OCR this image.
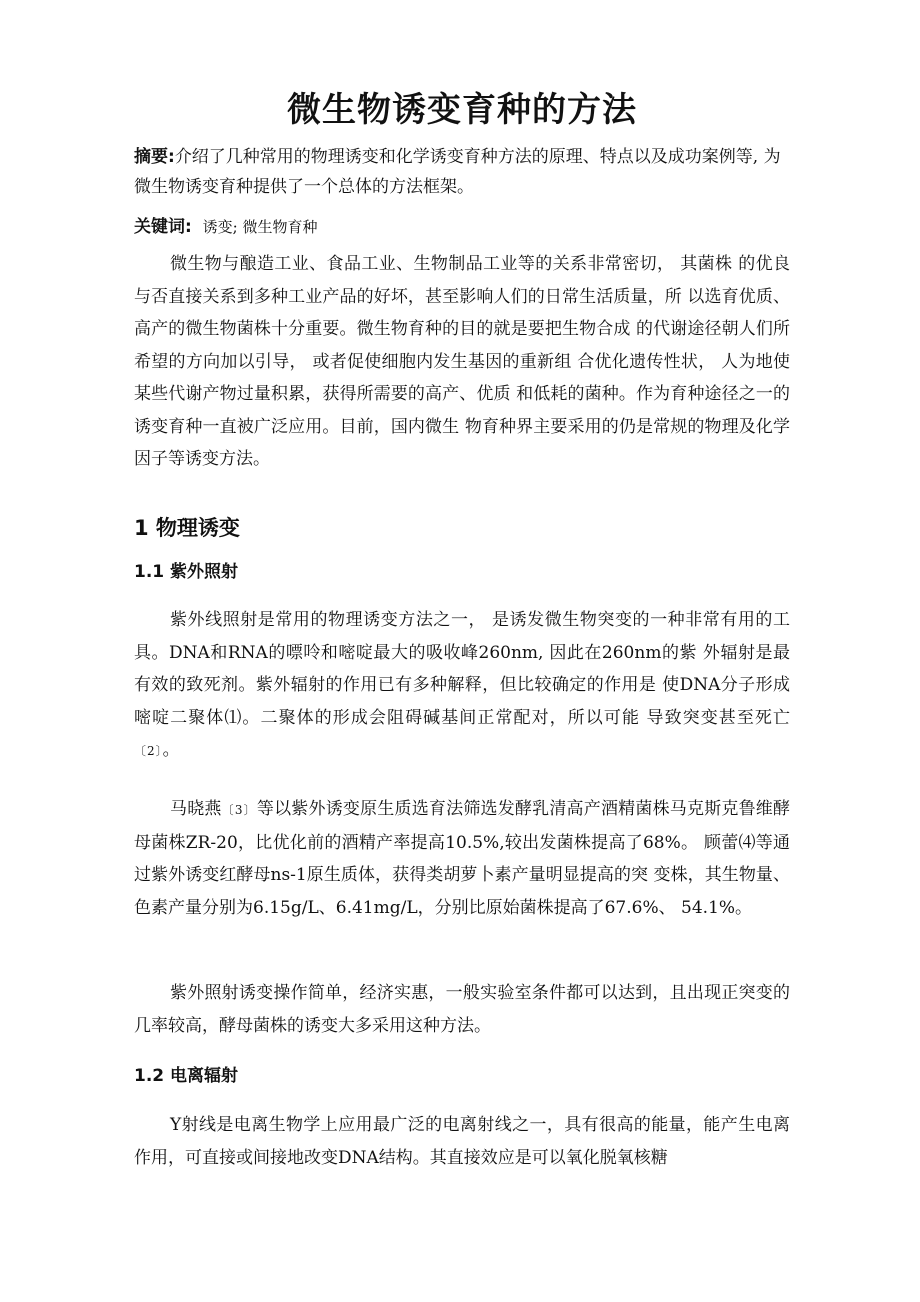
微生物诱变育种的方法
摘要:介绍了几种常用的物理诱变和化学诱变育种方法的原理、特点以及成功案例等, 为微生物诱变育种提供了一个总体的方法框架。
关键词: 诱变; 微生物育种
微生物与酿造工业、食品工业、生物制品工业等的关系非常密切， 其菌株 的优良与否直接关系到多种工业产品的好坏，甚至影响人们的日常生活质量，所 以选育优质、高产的微生物菌株十分重要。微生物育种的目的就是要把生物合成 的代谢途径朝人们所希望的方向加以引导， 或者促使细胞内发生基因的重新组 合优化遗传性状， 人为地使某些代谢产物过量积累，获得所需要的高产、优质 和低耗的菌种。作为育种途径之一的诱变育种一直被广泛应用。目前，国内微生 物育种界主要采用的仍是常规的物理及化学因子等诱变方法。
1 物理诱变
1.1 紫外照射
紫外线照射是常用的物理诱变方法之一， 是诱发微生物突变的一种非常有用的工具。DNA和RNA的嘌呤和嘧啶最大的吸收峰260nm, 因此在260nm的紫 外辐射是最有效的致死剂。紫外辐射的作用已有多种解释，但比较确定的作用是 使DNA分子形成嘧啶二聚体⑴。二聚体的形成会阻碍碱基间正常配对，所以可能 导致突变甚至死亡〔2〕。
马晓燕〔3〕等以紫外诱变原生质选育法筛选发酵乳清高产酒精菌株马克斯克鲁维酵母菌株ZR-20，比优化前的酒精产率提高10.5%,较出发菌株提高了68%。 顾蕾⑷等通过紫外诱变红酵母ns-1原生质体，获得类胡萝卜素产量明显提高的突 变株，其生物量、色素产量分别为6.15g/L、6.41mg/L，分别比原始菌株提高了67.6%、 54.1%。
紫外照射诱变操作简单，经济实惠，一般实验室条件都可以达到，且出现正突变的几率较高，酵母菌株的诱变大多采用这种方法。
1.2 电离辐射
Y射线是电离生物学上应用最广泛的电离射线之一，具有很高的能量，能产生电离作用，可直接或间接地改变DNA结构。其直接效应是可以氧化脱氧核糖
